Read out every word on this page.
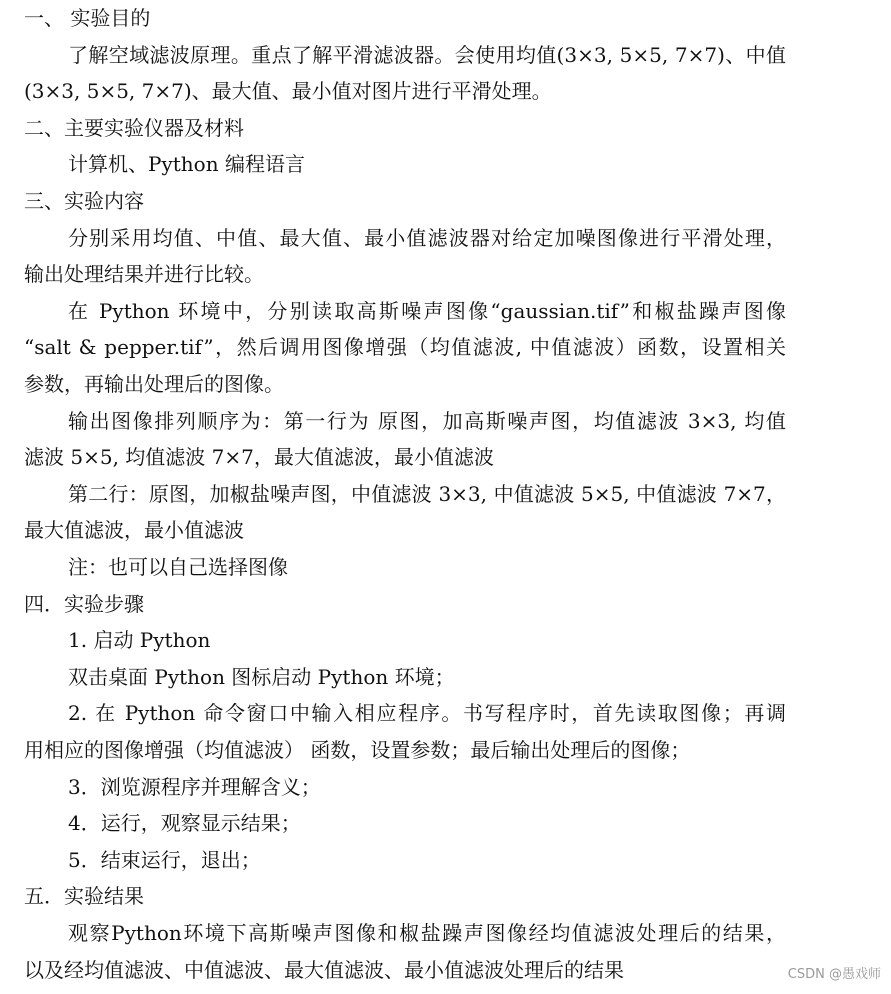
一、 实验目的
了解空域滤波原理。重点了解平滑滤波器。会使用均值(3×3, 5×5, 7×7)、中值
(3×3, 5×5, 7×7)、最大值、最小值对图片进行平滑处理。
二、主要实验仪器及材料
计算机、Python 编程语言
三、实验内容
分别采用均值、中值、最大值、最小值滤波器对给定加噪图像进行平滑处理，
输出处理结果并进行比较。
在 Python 环境中，分别读取高斯噪声图像“gaussian.tif”和椒盐躁声图像
“salt & pepper.tif”，然后调用图像增强（均值滤波, 中值滤波）函数，设置相关
参数，再输出处理后的图像。
输出图像排列顺序为：第一行为 原图，加高斯噪声图，均值滤波 3×3, 均值
滤波 5×5, 均值滤波 7×7，最大值滤波，最小值滤波
第二行：原图，加椒盐噪声图，中值滤波 3×3, 中值滤波 5×5, 中值滤波 7×7，
最大值滤波，最小值滤波
注：也可以自己选择图像
四．实验步骤
1. 启动 Python
双击桌面 Python 图标启动 Python 环境；
2. 在 Python 命令窗口中输入相应程序。书写程序时，首先读取图像；再调
用相应的图像增强（均值滤波） 函数，设置参数；最后输出处理后的图像；
3．浏览源程序并理解含义；
4．运行，观察显示结果；
5．结束运行，退出；
五．实验结果
观察Python环境下高斯噪声图像和椒盐躁声图像经均值滤波处理后的结果，
以及经均值滤波、中值滤波、最大值滤波、最小值滤波处理后的结果	CSDN @愚戏师
